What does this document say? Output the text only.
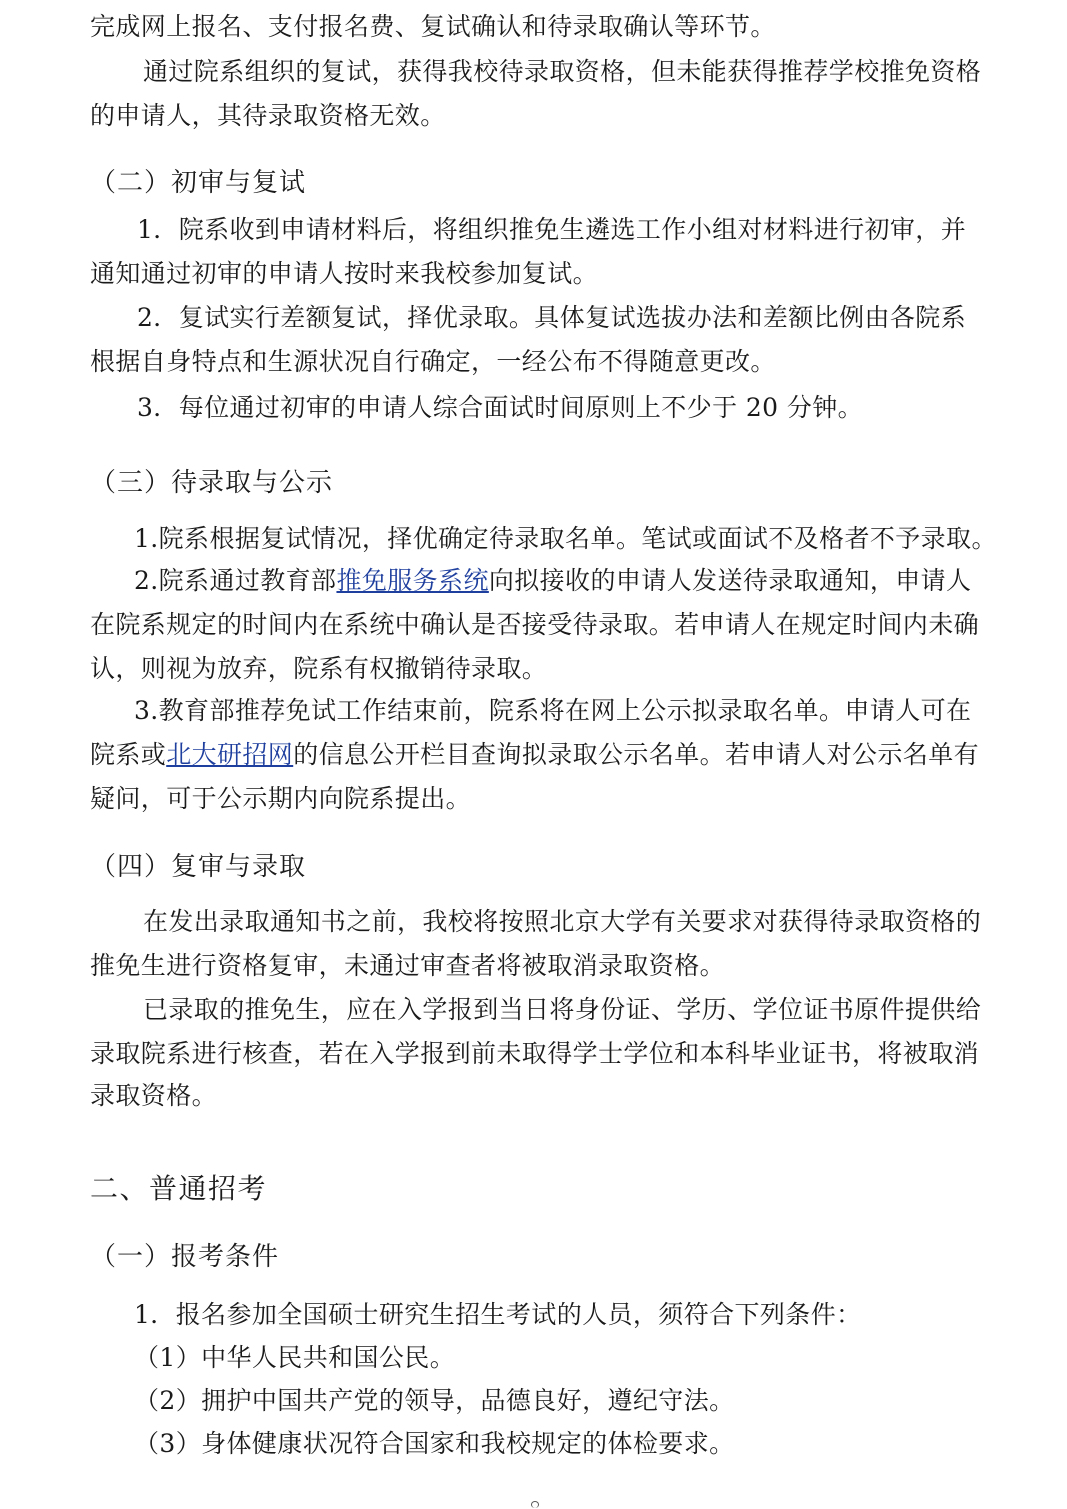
完成网上报名、支付报名费、复试确认和待录取确认等环节。
通过院系组织的复试，获得我校待录取资格，但未能获得推荐学校推免资格
的申请人，其待录取资格无效。
（二）初审与复试
1．院系收到申请材料后，将组织推免生遴选工作小组对材料进行初审，并
通知通过初审的申请人按时来我校参加复试。
2．复试实行差额复试，择优录取。具体复试选拔办法和差额比例由各院系
根据自身特点和生源状况自行确定，一经公布不得随意更改。
3．每位通过初审的申请人综合面试时间原则上不少于 20 分钟。
（三）待录取与公示
1.院系根据复试情况，择优确定待录取名单。笔试或面试不及格者不予录取。
2.院系通过教育部推免服务系统向拟接收的申请人发送待录取通知，申请人
在院系规定的时间内在系统中确认是否接受待录取。若申请人在规定时间内未确
认，则视为放弃，院系有权撤销待录取。
3.教育部推荐免试工作结束前，院系将在网上公示拟录取名单。申请人可在
院系或北大研招网的信息公开栏目查询拟录取公示名单。若申请人对公示名单有
疑问，可于公示期内向院系提出。
（四）复审与录取
在发出录取通知书之前，我校将按照北京大学有关要求对获得待录取资格的
推免生进行资格复审，未通过审查者将被取消录取资格。
已录取的推免生，应在入学报到当日将身份证、学历、学位证书原件提供给
录取院系进行核查，若在入学报到前未取得学士学位和本科毕业证书，将被取消
录取资格。
二、普通招考
（一）报考条件
1．报名参加全国硕士研究生招生考试的人员，须符合下列条件：
（1）中华人民共和国公民。
（2）拥护中国共产党的领导，品德良好，遵纪守法。
（3）身体健康状况符合国家和我校规定的体检要求。
